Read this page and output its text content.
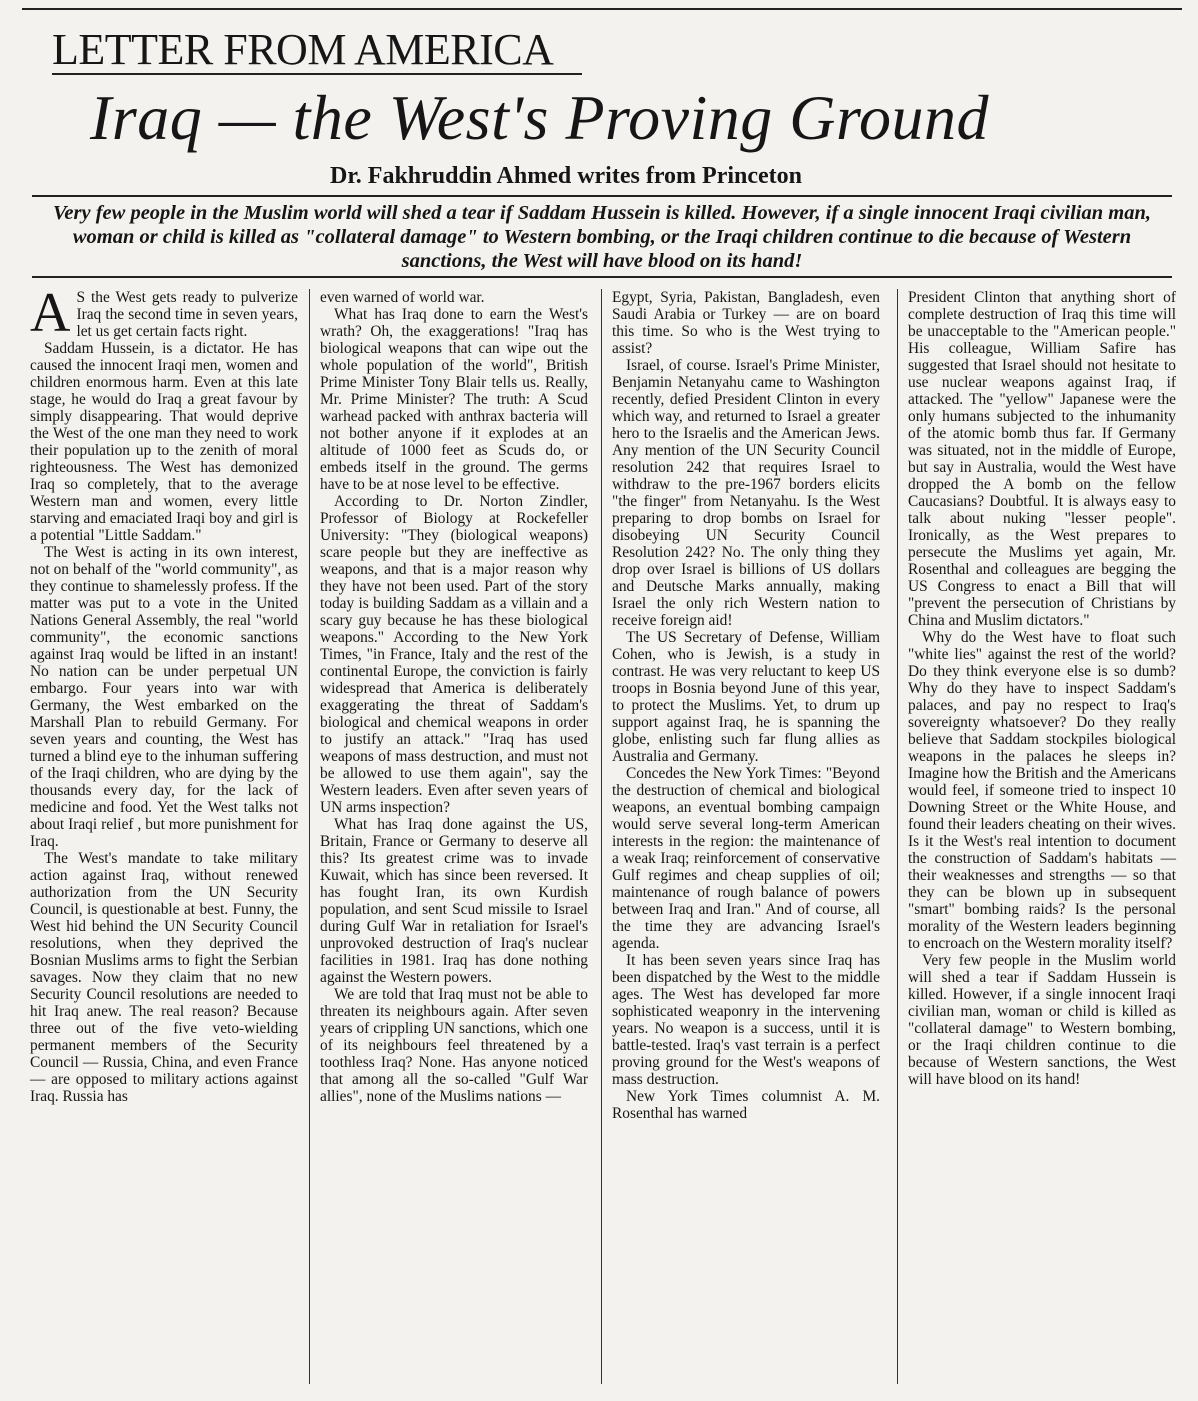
LETTER FROM AMERICA
Iraq — the West's Proving Ground
Dr. Fakhruddin Ahmed writes from Princeton
Very few people in the Muslim world will shed a tear if Saddam Hussein is killed. However, if a single innocent Iraqi civilian man, woman or child is killed as "collateral damage" to Western bombing, or the Iraqi children continue to die because of Western sanctions, the West will have blood on its hand!

A S the West gets ready to pulverize Iraq the second time in seven years, let us get certain facts right.

Saddam Hussein, is a dictator. He has caused the innocent Iraqi men, women and children enormous harm. Even at this late stage, he would do Iraq a great favour by simply disappearing. That would deprive the West of the one man they need to work their population up to the zenith of moral righteousness. The West has demonized Iraq so completely, that to the average Western man and women, every little starving and emaciated Iraqi boy and girl is a potential "Little Saddam."

The West is acting in its own interest, not on behalf of the "world community", as they continue to shamelessly profess. If the matter was put to a vote in the United Nations General Assembly, the real "world community", the economic sanctions against Iraq would be lifted in an instant! No nation can be under perpetual UN embargo. Four years into war with Germany, the West embarked on the Marshall Plan to rebuild Germany. For seven years and counting, the West has turned a blind eye to the inhuman suffering of the Iraqi children, who are dying by the thousands every day, for the lack of medicine and food. Yet the West talks not about Iraqi relief , but more punishment for Iraq.

The West's mandate to take military action against Iraq, without renewed authorization from the UN Security Council, is questionable at best. Funny, the West hid behind the UN Security Council resolutions, when they deprived the Bosnian Muslims arms to fight the Serbian savages. Now they claim that no new Security Council resolutions are needed to hit Iraq anew. The real reason? Because three out of the five veto-wielding permanent members of the Security Council — Russia, China, and even France — are opposed to military actions against Iraq. Russia has

even warned of world war.

What has Iraq done to earn the West's wrath? Oh, the exaggerations! "Iraq has biological weapons that can wipe out the whole population of the world", British Prime Minister Tony Blair tells us. Really, Mr. Prime Minister? The truth: A Scud warhead packed with anthrax bacteria will not bother anyone if it explodes at an altitude of 1000 feet as Scuds do, or embeds itself in the ground. The germs have to be at nose level to be effective.

According to Dr. Norton Zindler, Professor of Biology at Rockefeller University: "They (biological weapons) scare people but they are ineffective as weapons, and that is a major reason why they have not been used. Part of the story today is building Saddam as a villain and a scary guy because he has these biological weapons." According to the New York Times, "in France, Italy and the rest of the continental Europe, the conviction is fairly widespread that America is deliberately exaggerating the threat of Saddam's biological and chemical weapons in order to justify an attack." "Iraq has used weapons of mass destruction, and must not be allowed to use them again", say the Western leaders. Even after seven years of UN arms inspection?

What has Iraq done against the US, Britain, France or Germany to deserve all this? Its greatest crime was to invade Kuwait, which has since been reversed. It has fought Iran, its own Kurdish population, and sent Scud missile to Israel during Gulf War in retaliation for Israel's unprovoked destruction of Iraq's nuclear facilities in 1981. Iraq has done nothing against the Western powers.

We are told that Iraq must not be able to threaten its neighbours again. After seven years of crippling UN sanctions, which one of its neighbours feel threatened by a toothless Iraq? None. Has anyone noticed that among all the so-called "Gulf War allies", none of the Muslims nations —

Egypt, Syria, Pakistan, Bangladesh, even Saudi Arabia or Turkey — are on board this time. So who is the West trying to assist?

Israel, of course. Israel's Prime Minister, Benjamin Netanyahu came to Washington recently, defied President Clinton in every which way, and returned to Israel a greater hero to the Israelis and the American Jews. Any mention of the UN Security Council resolution 242 that requires Israel to withdraw to the pre-1967 borders elicits "the finger" from Netanyahu. Is the West preparing to drop bombs on Israel for disobeying UN Security Council Resolution 242? No. The only thing they drop over Israel is billions of US dollars and Deutsche Marks annually, making Israel the only rich Western nation to receive foreign aid!

The US Secretary of Defense, William Cohen, who is Jewish, is a study in contrast. He was very reluctant to keep US troops in Bosnia beyond June of this year, to protect the Muslims. Yet, to drum up support against Iraq, he is spanning the globe, enlisting such far flung allies as Australia and Germany.

Concedes the New York Times: "Beyond the destruction of chemical and biological weapons, an eventual bombing campaign would serve several long-term American interests in the region: the maintenance of a weak Iraq; reinforcement of conservative Gulf regimes and cheap supplies of oil; maintenance of rough balance of powers between Iraq and Iran." And of course, all the time they are advancing Israel's agenda.

It has been seven years since Iraq has been dispatched by the West to the middle ages. The West has developed far more sophisticated weaponry in the intervening years. No weapon is a success, until it is battle-tested. Iraq's vast terrain is a perfect proving ground for the West's weapons of mass destruction.

New York Times columnist A. M. Rosenthal has warned

President Clinton that anything short of complete destruction of Iraq this time will be unacceptable to the "American people." His colleague, William Safire has suggested that Israel should not hesitate to use nuclear weapons against Iraq, if attacked. The "yellow" Japanese were the only humans subjected to the inhumanity of the atomic bomb thus far. If Germany was situated, not in the middle of Europe, but say in Australia, would the West have dropped the A bomb on the fellow Caucasians? Doubtful. It is always easy to talk about nuking "lesser people". Ironically, as the West prepares to persecute the Muslims yet again, Mr. Rosenthal and colleagues are begging the US Congress to enact a Bill that will "prevent the persecution of Christians by China and Muslim dictators."

Why do the West have to float such "white lies" against the rest of the world? Do they think everyone else is so dumb? Why do they have to inspect Saddam's palaces, and pay no respect to Iraq's sovereignty whatsoever? Do they really believe that Saddam stockpiles biological weapons in the palaces he sleeps in? Imagine how the British and the Americans would feel, if someone tried to inspect 10 Downing Street or the White House, and found their leaders cheating on their wives. Is it the West's real intention to document the construction of Saddam's habitats — their weaknesses and strengths — so that they can be blown up in subsequent "smart" bombing raids? Is the personal morality of the Western leaders beginning to encroach on the Western morality itself?

Very few people in the Muslim world will shed a tear if Saddam Hussein is killed. However, if a single innocent Iraqi civilian man, woman or child is killed as "collateral damage" to Western bombing, or the Iraqi children continue to die because of Western sanctions, the West will have blood on its hand!
